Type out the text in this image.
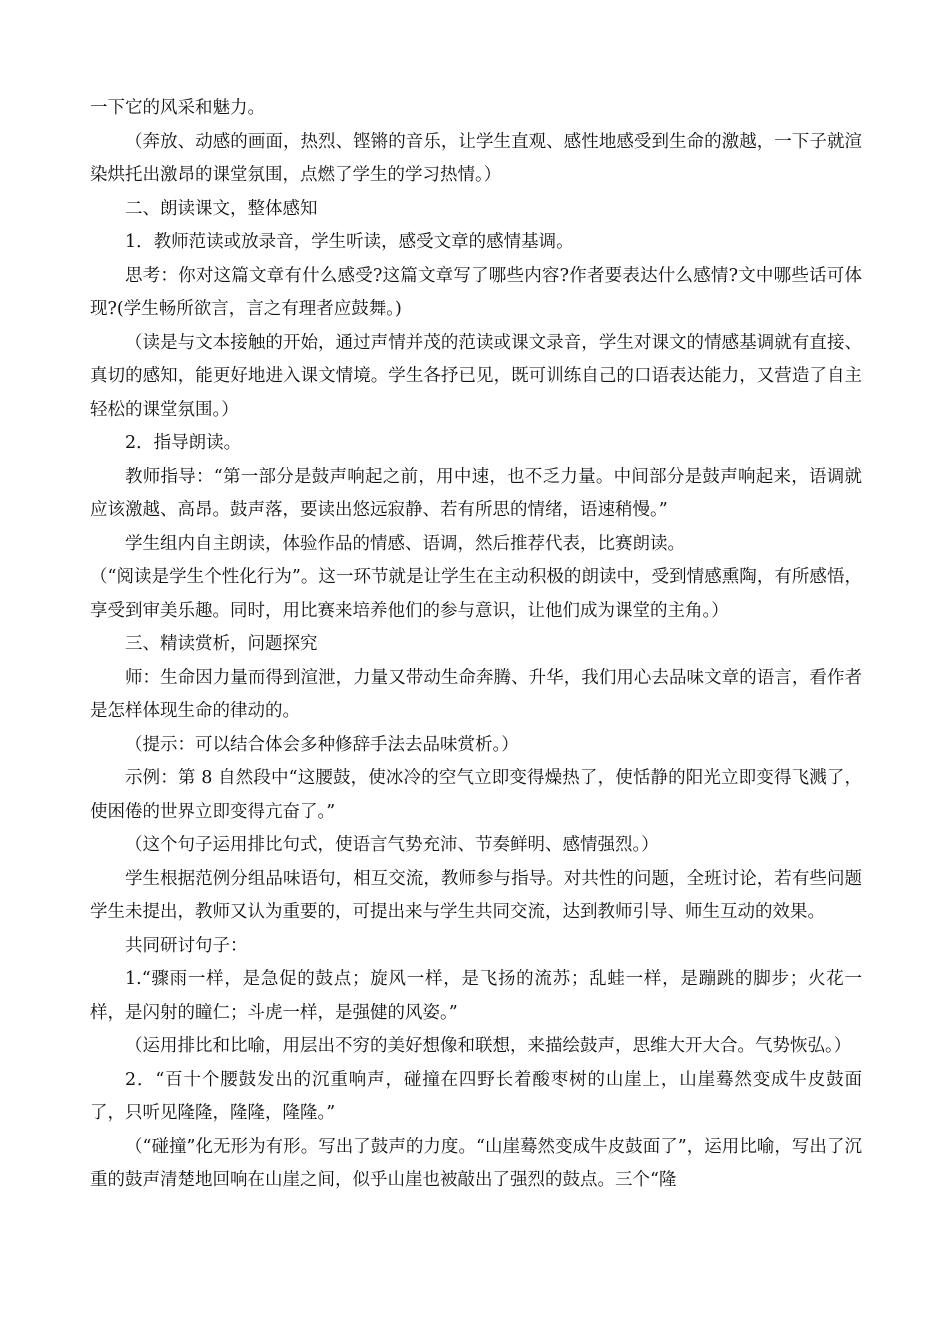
一下它的风采和魅力。

（奔放、动感的画面，热烈、铿锵的音乐，让学生直观、感性地感受到生命的激越，一下子就渲染烘托出激昂的课堂氛围，点燃了学生的学习热情。）

二、朗读课文，整体感知

1．教师范读或放录音，学生听读，感受文章的感情基调。

思考：你对这篇文章有什么感受?这篇文章写了哪些内容?作者要表达什么感情?文中哪些话可体现?(学生畅所欲言，言之有理者应鼓舞。)

（读是与文本接触的开始，通过声情并茂的范读或课文录音，学生对课文的情感基调就有直接、真切的感知，能更好地进入课文情境。学生各抒已见，既可训练自己的口语表达能力，又营造了自主轻松的课堂氛围。）

2．指导朗读。

教师指导：“第一部分是鼓声响起之前，用中速，也不乏力量。中间部分是鼓声响起来，语调就应该激越、高昂。鼓声落，要读出悠远寂静、若有所思的情绪，语速稍慢。”

学生组内自主朗读，体验作品的情感、语调，然后推荐代表，比赛朗读。

（“阅读是学生个性化行为”。这一环节就是让学生在主动积极的朗读中，受到情感熏陶，有所感悟，享受到审美乐趣。同时，用比赛来培养他们的参与意识，让他们成为课堂的主角。）

三、精读赏析，问题探究

师：生命因力量而得到渲泄，力量又带动生命奔腾、升华，我们用心去品味文章的语言，看作者是怎样体现生命的律动的。

（提示：可以结合体会多种修辞手法去品味赏析。）

示例：第 8 自然段中“这腰鼓，使冰冷的空气立即变得燥热了，使恬静的阳光立即变得飞溅了，使困倦的世界立即变得亢奋了。”

（这个句子运用排比句式，使语言气势充沛、节奏鲜明、感情强烈。）

学生根据范例分组品味语句，相互交流，教师参与指导。对共性的问题，全班讨论，若有些问题学生未提出，教师又认为重要的，可提出来与学生共同交流，达到教师引导、师生互动的效果。

共同研讨句子：

1.“骤雨一样，是急促的鼓点；旋风一样，是飞扬的流苏；乱蛙一样，是蹦跳的脚步；火花一样，是闪射的瞳仁；斗虎一样，是强健的风姿。”

（运用排比和比喻，用层出不穷的美好想像和联想，来描绘鼓声，思维大开大合。气势恢弘。）

2．“百十个腰鼓发出的沉重响声，碰撞在四野长着酸枣树的山崖上，山崖蓦然变成牛皮鼓面了，只听见隆隆，隆隆，隆隆。”

（“碰撞”化无形为有形。写出了鼓声的力度。“山崖蓦然变成牛皮鼓面了”，运用比喻，写出了沉重的鼓声清楚地回响在山崖之间，似乎山崖也被敲出了强烈的鼓点。三个“隆
